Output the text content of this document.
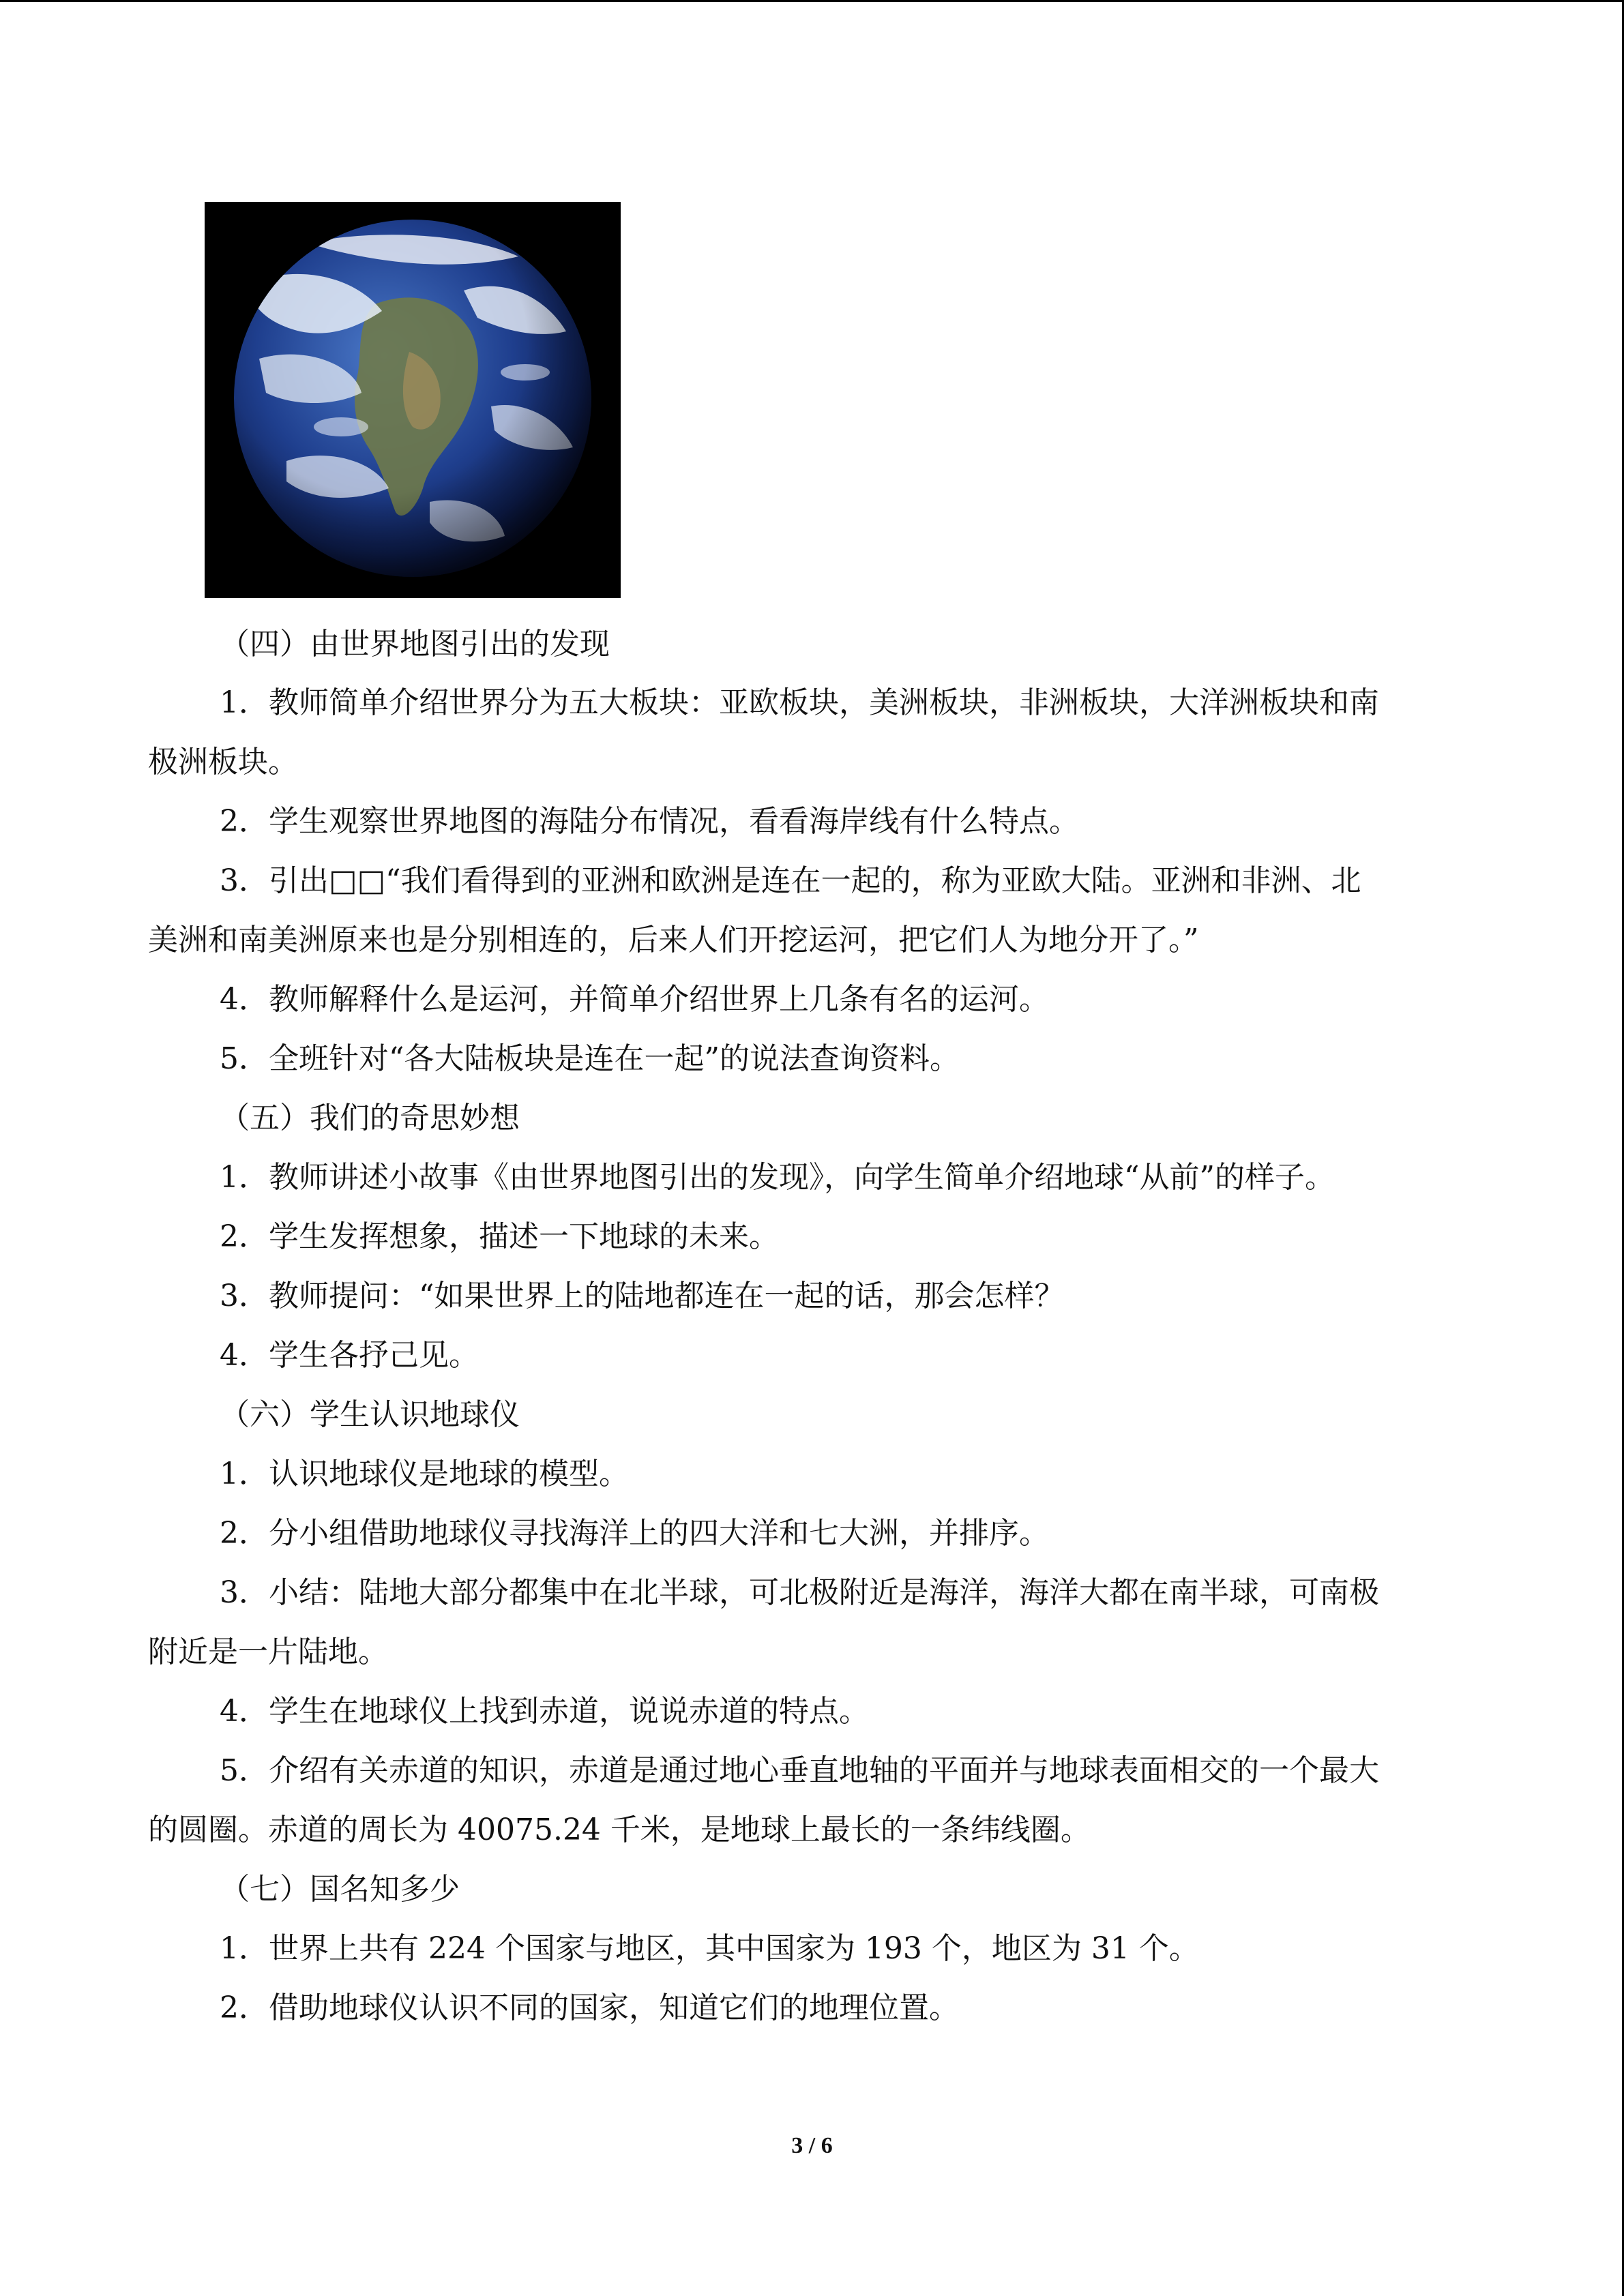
（四）由世界地图引出的发现
1．教师简单介绍世界分为五大板块：亚欧板块，美洲板块，非洲板块，大洋洲板块和南
极洲板块。
2．学生观察世界地图的海陆分布情况，看看海岸线有什么特点。
3．引出□□“我们看得到的亚洲和欧洲是连在一起的，称为亚欧大陆。亚洲和非洲、北
美洲和南美洲原来也是分别相连的，后来人们开挖运河，把它们人为地分开了。”
4．教师解释什么是运河，并简单介绍世界上几条有名的运河。
5．全班针对“各大陆板块是连在一起”的说法查询资料。
（五）我们的奇思妙想
1．教师讲述小故事《由世界地图引出的发现》，向学生简单介绍地球“从前”的样子。
2．学生发挥想象，描述一下地球的未来。
3．教师提问：“如果世界上的陆地都连在一起的话，那会怎样？
4．学生各抒己见。
（六）学生认识地球仪
1．认识地球仪是地球的模型。
2．分小组借助地球仪寻找海洋上的四大洋和七大洲，并排序。
3．小结：陆地大部分都集中在北半球，可北极附近是海洋，海洋大都在南半球，可南极
附近是一片陆地。
4．学生在地球仪上找到赤道，说说赤道的特点。
5．介绍有关赤道的知识，赤道是通过地心垂直地轴的平面并与地球表面相交的一个最大
的圆圈。赤道的周长为 40075.24 千米，是地球上最长的一条纬线圈。
（七）国名知多少
1．世界上共有 224 个国家与地区，其中国家为 193 个，地区为 31 个。
2．借助地球仪认识不同的国家，知道它们的地理位置。
3 / 6
